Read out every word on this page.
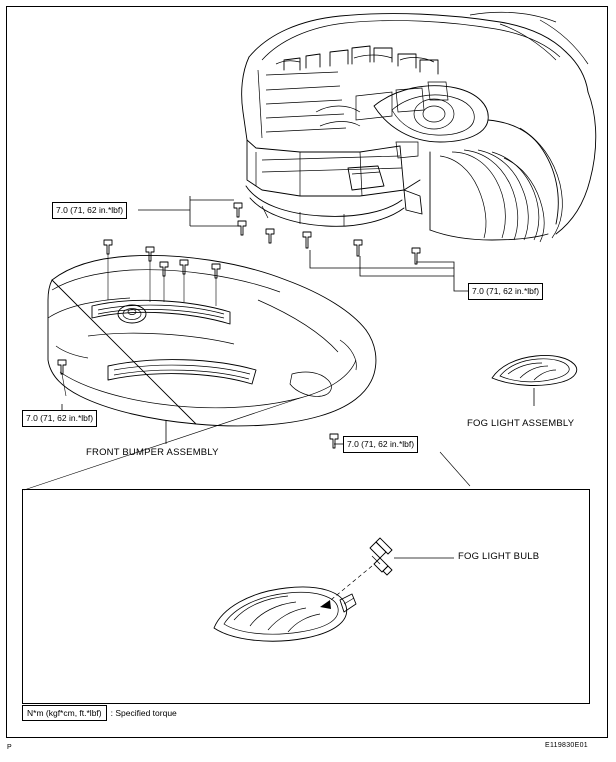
7.0 (71, 62 in.*lbf)
7.0 (71, 62 in.*lbf)
7.0 (71, 62 in.*lbf)
7.0 (71, 62 in.*lbf)
FRONT BUMPER ASSEMBLY
FOG LIGHT ASSEMBLY
FOG LIGHT BULB
N*m (kgf*cm, ft.*lbf) : Specified torque
E119830E01
P
